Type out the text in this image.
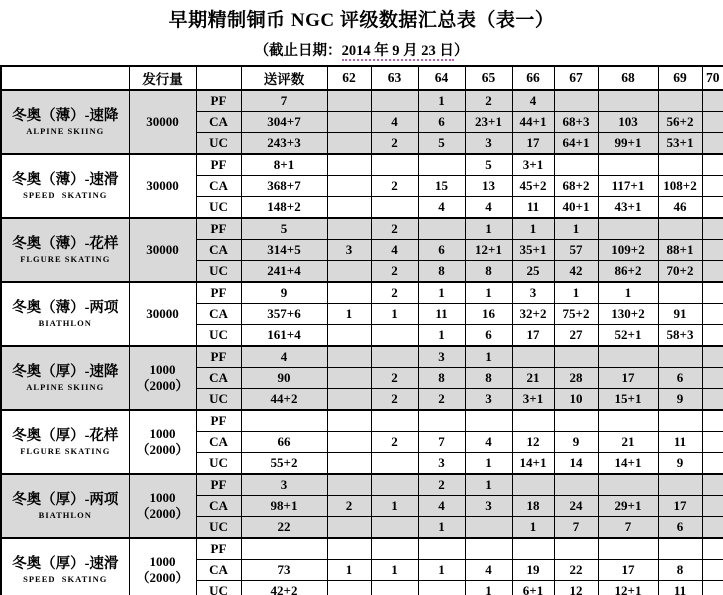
早期精制铜币 NGC 评级数据汇总表（表一）
（截止日期：2014 年 9 月 23 日）
	发行量		送评数	62	63	64	65	66	67	68	69	70

冬奥（薄）-速降
ALPINE SKIING	30000	PF	7			1	2	4				
		CA	304+7		4	6	23+1	44+1	68+3	103	56+2	
		UC	243+3		2	5	3	17	64+1	99+1	53+1	

冬奥（薄）-速滑
SPEED  SKATING	30000	PF	8+1				5	3+1				
		CA	368+7		2	15	13	45+2	68+2	117+1	108+2	
		UC	148+2			4	4	11	40+1	43+1	46	

冬奥（薄）-花样
FLGURE SKATING	30000	PF	5		2		1	1	1			
		CA	314+5	3	4	6	12+1	35+1	57	109+2	88+1	
		UC	241+4		2	8	8	25	42	86+2	70+2	

冬奥（薄）-两项
BIATHLON	30000	PF	9		2	1	1	3	1	1		
		CA	357+6	1	1	11	16	32+2	75+2	130+2	91	
		UC	161+4			1	6	17	27	52+1	58+3	

冬奥（厚）-速降
ALPINE SKIING

1000
（2000）
	PF	4			3	1					
		CA	90		2	8	8	21	28	17	6	
		UC	44+2		2	2	3	3+1	10	15+1	9	

冬奥（厚）-花样
FLGURE SKATING

1000
（2000）
	PF										
		CA	66		2	7	4	12	9	21	11	
		UC	55+2			3	1	14+1	14	14+1	9	

冬奥（厚）-两项
BIATHLON

1000
（2000）
	PF	3			2	1					
		CA	98+1	2	1	4	3	18	24	29+1	17	
		UC	22			1		1	7	7	6	

冬奥（厚）-速滑
SPEED  SKATING

1000
（2000）
	PF										
		CA	73	1	1	1	4	19	22	17	8	
		UC	42+2				1	6+1	12	12+1	11	
